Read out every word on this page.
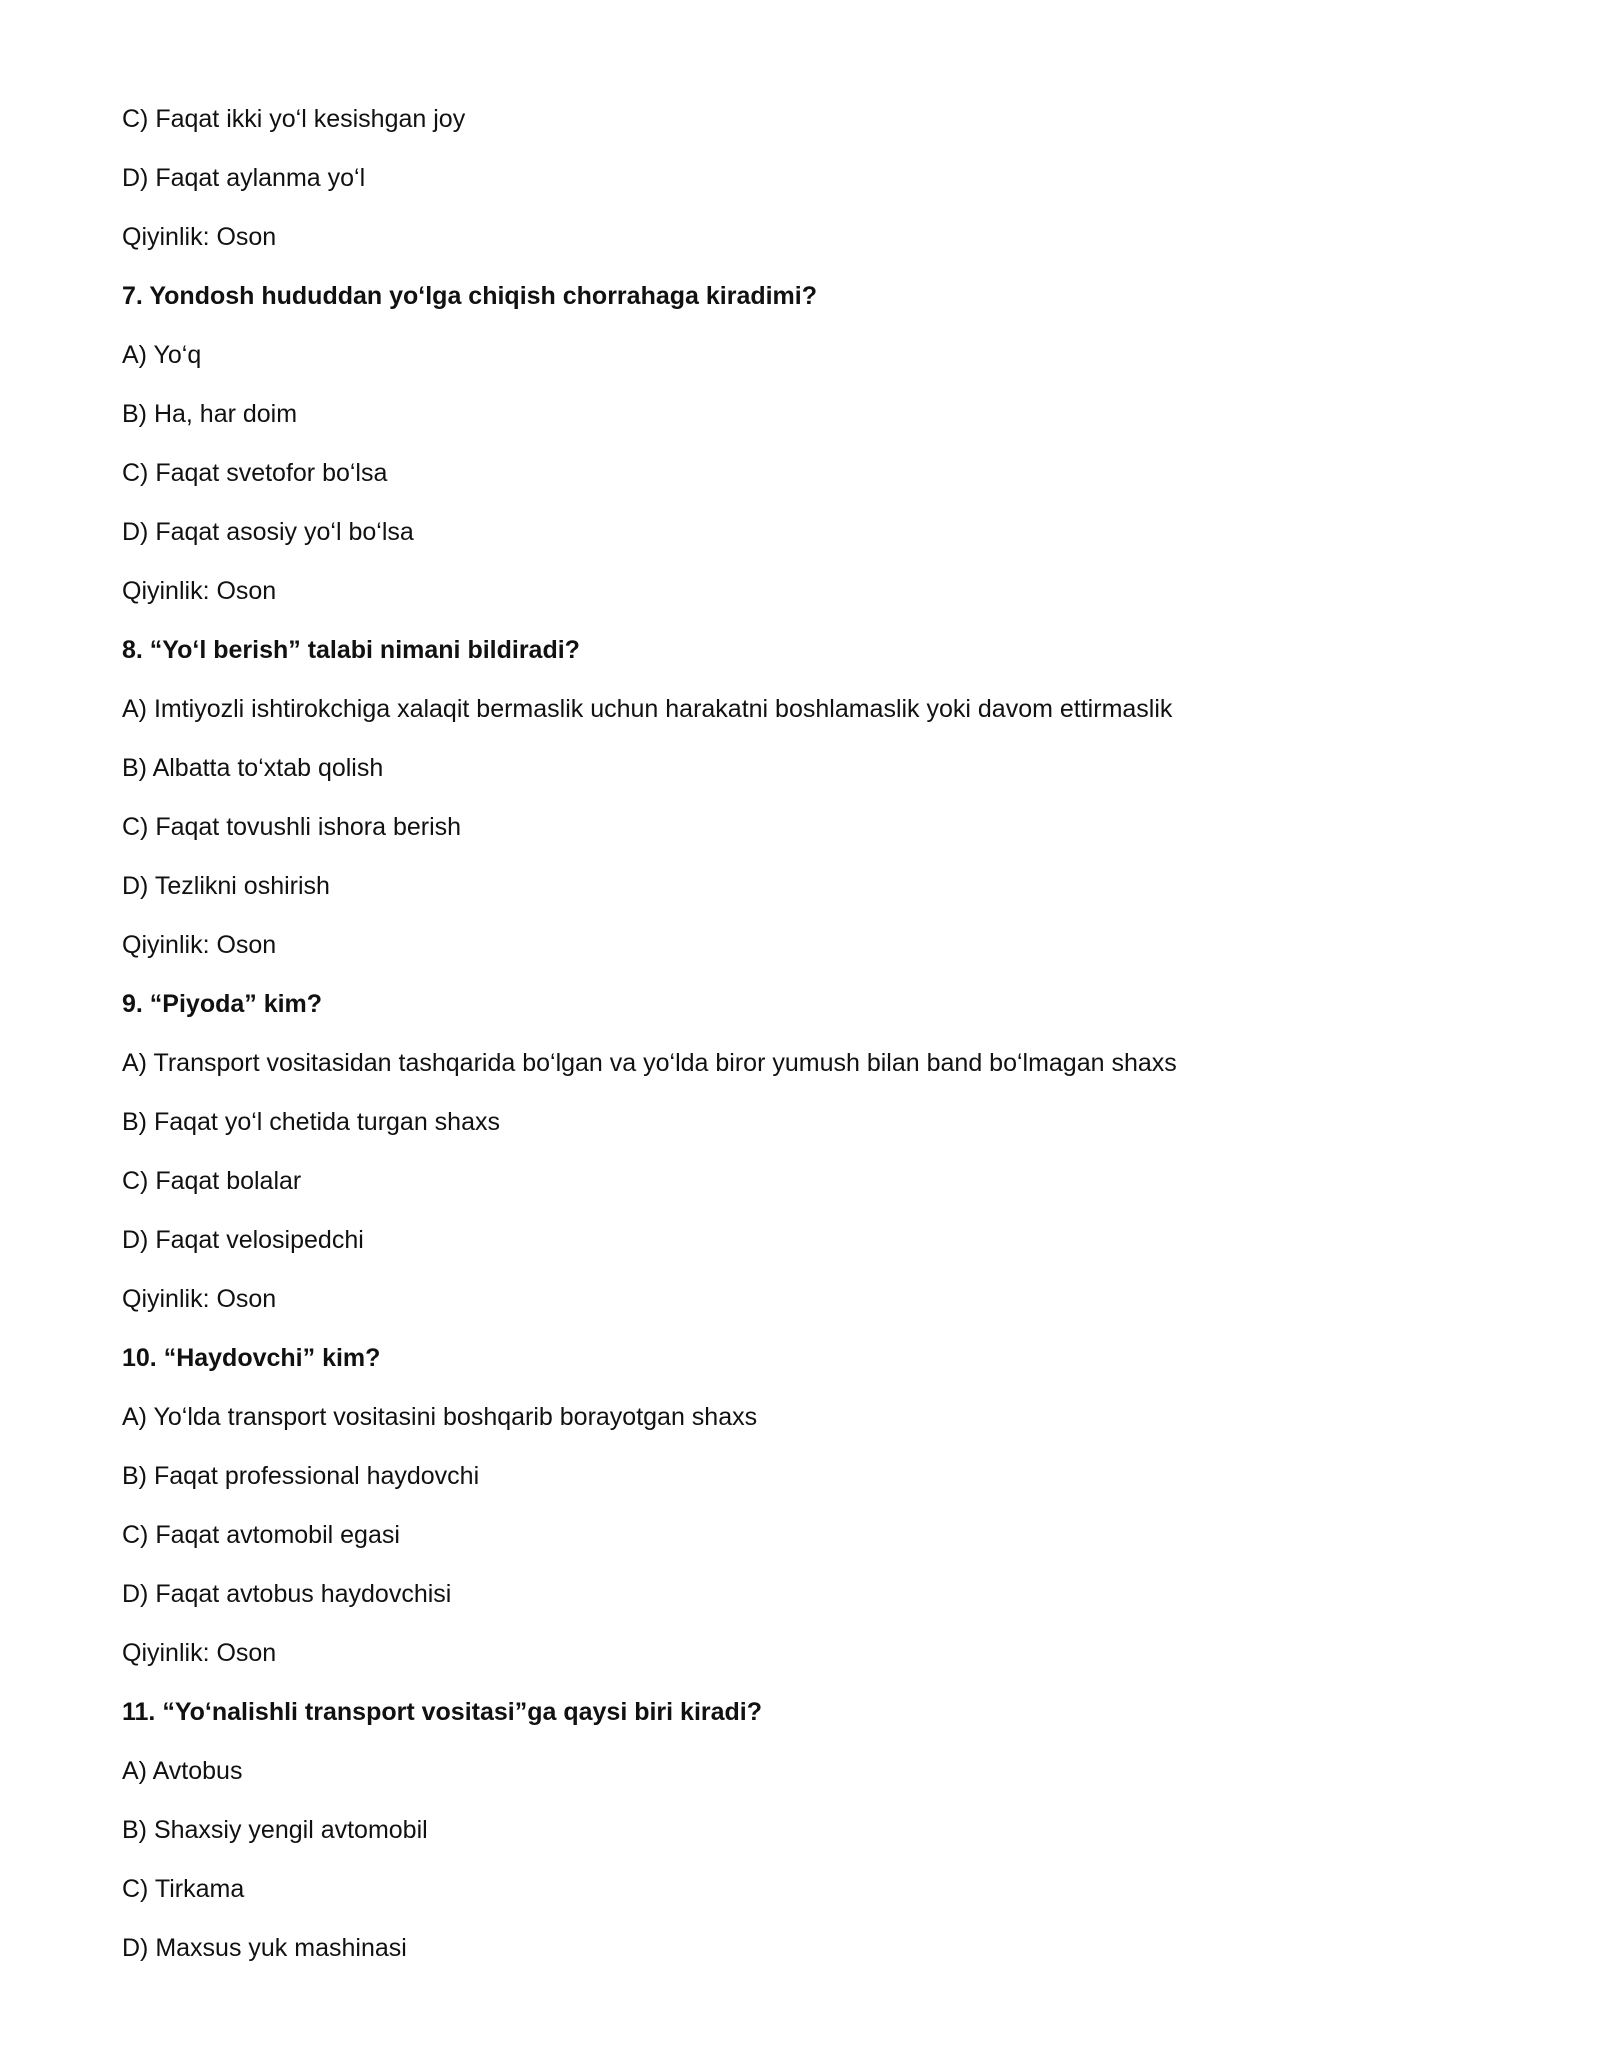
C) Faqat ikki yo‘l kesishgan joy
D) Faqat aylanma yo‘l
Qiyinlik: Oson
7. Yondosh hududdan yo‘lga chiqish chorrahaga kiradimi?
A) Yo‘q
B) Ha, har doim
C) Faqat svetofor bo‘lsa
D) Faqat asosiy yo‘l bo‘lsa
Qiyinlik: Oson
8. “Yo‘l berish” talabi nimani bildiradi?
A) Imtiyozli ishtirokchiga xalaqit bermaslik uchun harakatni boshlamaslik yoki davom ettirmaslik
B) Albatta to‘xtab qolish
C) Faqat tovushli ishora berish
D) Tezlikni oshirish
Qiyinlik: Oson
9. “Piyoda” kim?
A) Transport vositasidan tashqarida bo‘lgan va yo‘lda biror yumush bilan band bo‘lmagan shaxs
B) Faqat yo‘l chetida turgan shaxs
C) Faqat bolalar
D) Faqat velosipedchi
Qiyinlik: Oson
10. “Haydovchi” kim?
A) Yo‘lda transport vositasini boshqarib borayotgan shaxs
B) Faqat professional haydovchi
C) Faqat avtomobil egasi
D) Faqat avtobus haydovchisi
Qiyinlik: Oson
11. “Yo‘nalishli transport vositasi”ga qaysi biri kiradi?
A) Avtobus
B) Shaxsiy yengil avtomobil
C) Tirkama
D) Maxsus yuk mashinasi
